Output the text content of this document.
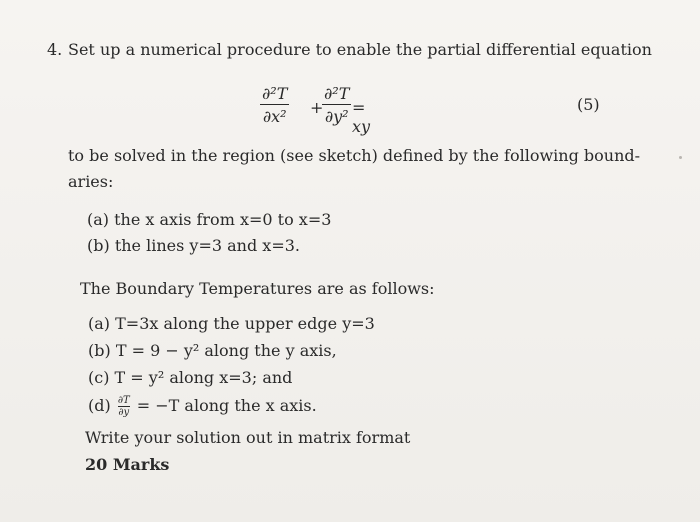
4. Set up a numerical procedure to enable the partial differential equation
∂²T
∂x² +
∂²T
∂y² = xy
(5)
to be solved in the region (see sketch) defined by the following bound-
aries:
(a) the x axis from x=0 to x=3
(b) the lines y=3 and x=3.
The Boundary Temperatures are as follows:
(a) T=3x along the upper edge y=3
(b) T = 9 − y² along the y axis,
(c) T = y² along x=3; and
$(d) \frac{\partial T}{\partial y} = -T$ along the x axis.
Write your solution out in matrix format
20 Marks
